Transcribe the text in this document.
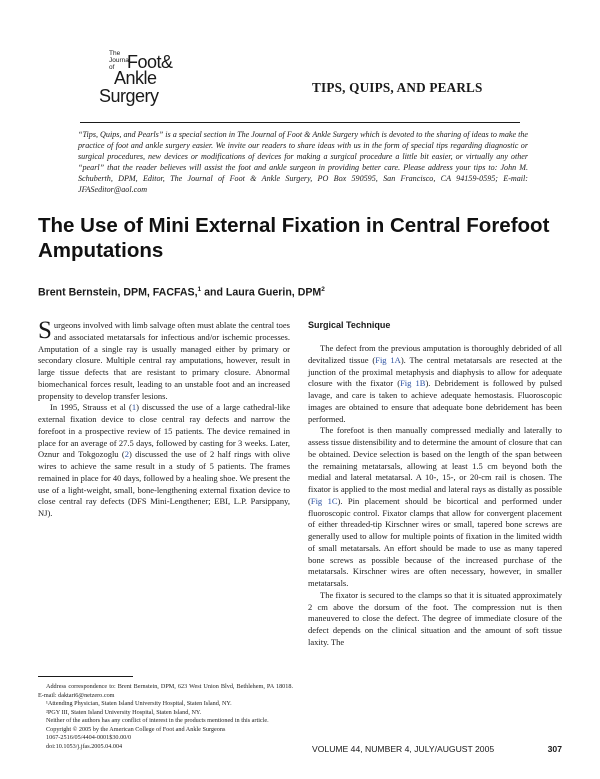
The
Journal
of Foot&
Ankle
Surgery	TIPS, QUIPS, AND PEARLS
“Tips, Quips, and Pearls” is a special section in The Journal of Foot & Ankle Surgery which is devoted to the sharing of ideas to make the practice of foot and ankle surgery easier. We invite our readers to share ideas with us in the form of special tips regarding diagnostic or surgical procedures, new devices or modifications of devices for making a surgical procedure a little bit easier, or virtually any other “pearl” that the reader believes will assist the foot and ankle surgeon in providing better care. Please address your tips to: John M. Schuberth, DPM, Editor, The Journal of Foot & Ankle Surgery, PO Box 590595, San Francisco, CA 94159-0595; E-mail: JFASeditor@aol.com
The Use of Mini External Fixation in Central Forefoot Amputations
Brent Bernstein, DPM, FACFAS,$^1$ and Laura Guerin, DPM$^2$

Surgeons involved with limb salvage often must ablate the central toes and associated metatarsals for infectious and/or ischemic processes. Amputation of a single ray is usually managed either by primary or secondary closure. Multiple central ray amputations, however, result in large tissue defects that are resistant to primary closure. Abnormal biomechanical forces result, leading to an unstable foot and an increased propensity to develop transfer lesions.

In 1995, Strauss et al (1) discussed the use of a large cathedral-like external fixation device to close central ray defects and narrow the forefoot in a prospective review of 15 patients. The device remained in place for an average of 27.5 days, followed by casting for 3 weeks. Later, Oznur and Tokgozoglu (2) discussed the use of 2 half rings with olive wires to achieve the same result in a study of 5 patients. The frames remained in place for 40 days, followed by a healing shoe. We present the use of a light-weight, small, bone-lengthening external fixation device to close central ray defects (DFS Mini-Lengthener; EBI, L.P. Parsippany, NJ).

Surgical Technique

The defect from the previous amputation is thoroughly debrided of all devitalized tissue (Fig 1A). The central metatarsals are resected at the junction of the proximal metaphysis and diaphysis to allow for adequate closure with the fixator (Fig 1B). Debridement is followed by pulsed lavage, and care is taken to achieve adequate hemostasis. Fluoroscopic images are obtained to ensure that adequate bone debridement has been performed.

The forefoot is then manually compressed medially and laterally to assess tissue distensibility and to determine the amount of closure that can be obtained. Device selection is based on the length of the span between the remaining metatarsals, allowing at least 1.5 cm beyond both the medial and lateral metatarsal. A 10-, 15-, or 20-cm rail is chosen. The fixator is applied to the most medial and lateral rays as distally as possible (Fig 1C). Pin placement should be bicortical and performed under fluoroscopic control. Fixator clamps that allow for convergent placement of either threaded-tip Kirschner wires or small, tapered bone screws are generally used to allow for multiple points of fixation in the limited width of small metatarsals. An effort should be made to use as many tapered bone screws as possible because of the increased purchase of the metatarsals. Kirschner wires are often necessary, however, in smaller metatarsals.

The fixator is secured to the clamps so that it is situated approximately 2 cm above the dorsum of the foot. The compression nut is then maneuvered to close the defect. The degree of immediate closure of the defect depends on the clinical situation and the amount of soft tissue laxity. The

Address correspondence to: Brent Bernstein, DPM, 623 West Union Blvd, Bethlehem, PA 18018. E-mail: daktari6@netzero.com

¹Attending Physician, Staten Island University Hospital, Staten Island, NY.

²PGY III, Staten Island University Hospital, Staten Island, NY.

Neither of the authors has any conflict of interest in the products mentioned in this article.

Copyright © 2005 by the American College of Foot and Ankle Surgeons

1067-2516/05/4404-0001$30.00/0

doi:10.1053/j.jfas.2005.04.004	VOLUME 44, NUMBER 4, JULY/AUGUST 2005	307
